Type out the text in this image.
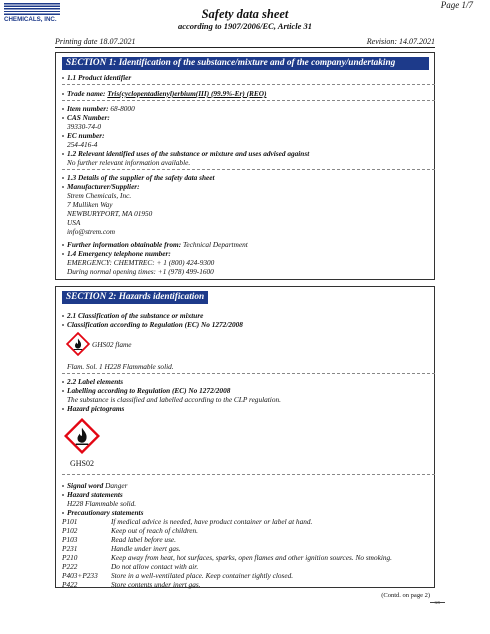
CHEMICALS, INC.
Page 1/7
Safety data sheet
according to 1907/2006/EC, Article 31
Printing date 18.07.2021	Revision: 14.07.2021
SECTION 1: Identification of the substance/mixture and of the company/undertaking
1.1 Product identifier
Trade name: Tris(cyclopentadienyl)erbium(III) (99.9%-Er) (REO)
Item number: 68-8000
CAS Number:
39330-74-0
EC number:
254-416-4
1.2 Relevant identified uses of the substance or mixture and uses advised against
No further relevant information available.
1.3 Details of the supplier of the safety data sheet
Manufacturer/Supplier:
Strem Chemicals, Inc.
7 Mulliken Way
NEWBURYPORT, MA 01950
USA
info@strem.com
Further information obtainable from: Technical Department
1.4 Emergency telephone number:
EMERGENCY: CHEMTREC: + 1 (800) 424-9300
During normal opening times: +1 (978) 499-1600
SECTION 2: Hazards identification
2.1 Classification of the substance or mixture
Classification according to Regulation (EC) No 1272/2008
GHS02 flame
Flam. Sol. 1 H228 Flammable solid.
2.2 Label elements
Labelling according to Regulation (EC) No 1272/2008
The substance is classified and labelled according to the CLP regulation.
Hazard pictograms
GHS02
Signal word Danger
Hazard statements
H228 Flammable solid.
Precautionary statements
P101	If medical advice is needed, have product container or label at hand.
P102	Keep out of reach of children.
P103	Read label before use.
P231	Handle under inert gas.
P210	Keep away from heat, hot surfaces, sparks, open flames and other ignition sources. No smoking.
P222	Do not allow contact with air.
P403+P233 Store in a well-ventilated place. Keep container tightly closed.
P422	Store contents under inert gas.
(Contd. on page 2)
GB
